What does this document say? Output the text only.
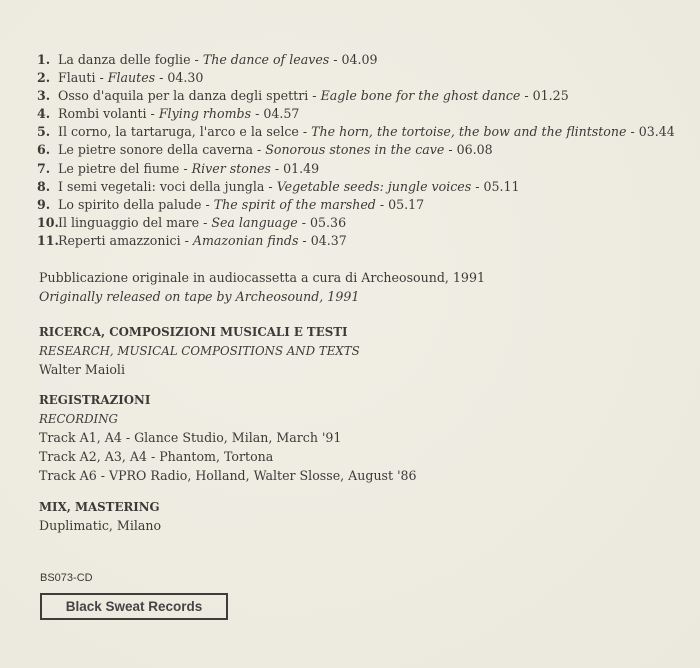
1. La danza delle foglie - The dance of leaves - 04.09
2. Flauti - Flautes - 04.30
3. Osso d'aquila per la danza degli spettri - Eagle bone for the ghost dance - 01.25
4. Rombi volanti - Flying rhombs - 04.57
5. Il corno, la tartaruga, l'arco e la selce - The horn, the tortoise, the bow and the flintstone - 03.44
6. Le pietre sonore della caverna - Sonorous stones in the cave - 06.08
7. Le pietre del fiume - River stones - 01.49
8. I semi vegetali: voci della jungla - Vegetable seeds: jungle voices - 05.11
9. Lo spirito della palude - The spirit of the marshed - 05.17
10.Il linguaggio del mare - Sea language - 05.36
11.Reperti amazzonici - Amazonian finds - 04.37
Pubblicazione originale in audiocassetta a cura di Archeosound, 1991
Originally released on tape by Archeosound, 1991
RICERCA, COMPOSIZIONI MUSICALI E TESTI
RESEARCH, MUSICAL COMPOSITIONS AND TEXTS
Walter Maioli
REGISTRAZIONI
RECORDING
Track A1, A4 - Glance Studio, Milan, March '91
Track A2, A3, A4 - Phantom, Tortona
Track A6 - VPRO Radio, Holland, Walter Slosse, August '86
MIX, MASTERING
Duplimatic, Milano
BS073-CD
Black Sweat Records
